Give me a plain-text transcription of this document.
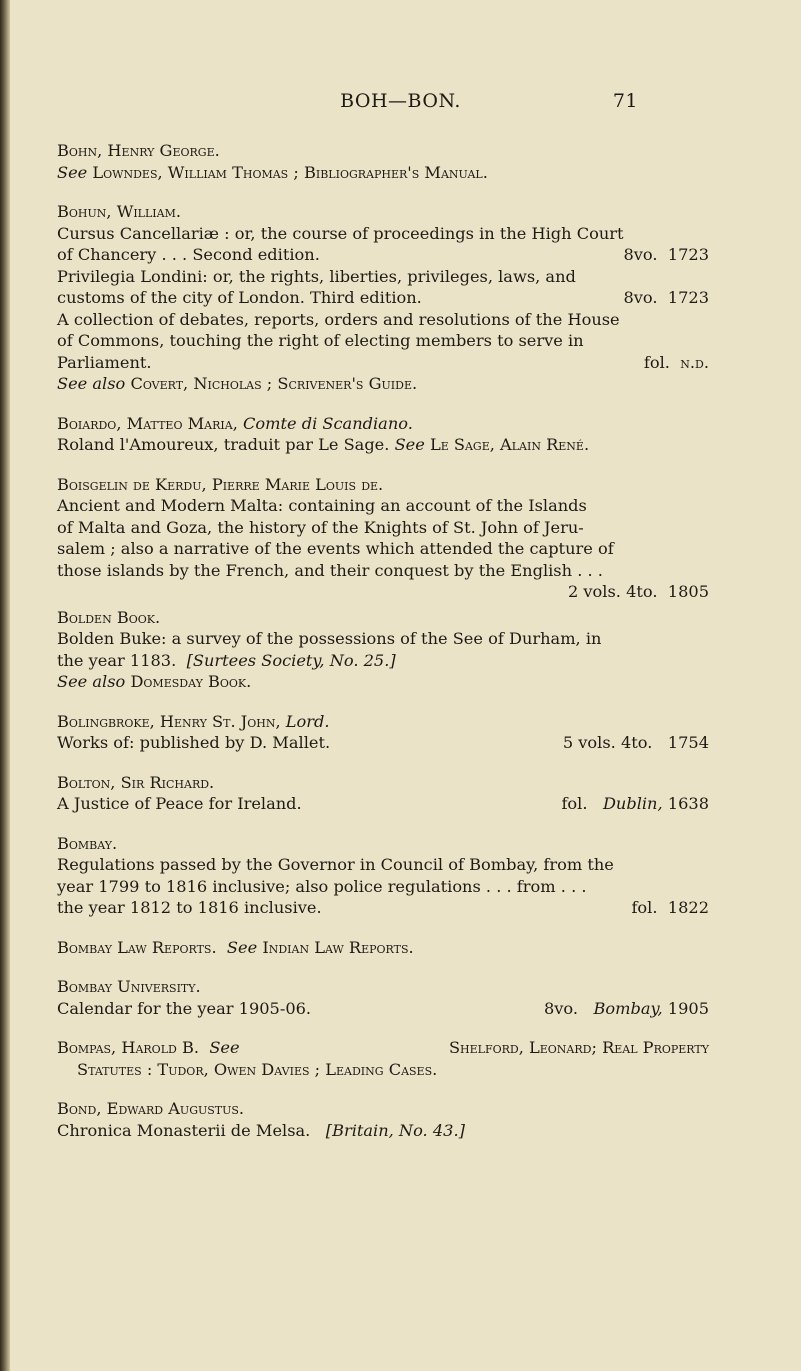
BOH—BON.	71
Bohn, Henry George.
See Lowndes, William Thomas ; Bibliographer's Manual.
Bohun, William.
Cursus Cancellariæ : or, the course of proceedings in the High Court
of Chancery . . . Second edition.	8vo. 1723
Privilegia Londini: or, the rights, liberties, privileges, laws, and
customs of the city of London. Third edition.	8vo. 1723
A collection of debates, reports, orders and resolutions of the House
of Commons, touching the right of electing members to serve in
Parliament.	fol. n.d.
See also Covert, Nicholas ; Scrivener's Guide.
Boiardo, Matteo Maria, Comte di Scandiano.
Roland l'Amoureux, traduit par Le Sage. See Le Sage, Alain René.
Boisgelin de Kerdu, Pierre Marie Louis de.
Ancient and Modern Malta: containing an account of the Islands
of Malta and Goza, the history of the Knights of St. John of Jeru-
salem ; also a narrative of the events which attended the capture of
those islands by the French, and their conquest by the English . . .
2 vols. 4to. 1805
Bolden Book.
Bolden Buke: a survey of the possessions of the See of Durham, in
the year 1183. [Surtees Society, No. 25.]
See also Domesday Book.
Bolingbroke, Henry St. John, Lord.
Works of: published by D. Mallet.	5 vols. 4to. 1754
Bolton, Sir Richard.
A Justice of Peace for Ireland.	fol. Dublin, 1638
Bombay.
Regulations passed by the Governor in Council of Bombay, from the
year 1799 to 1816 inclusive; also police regulations . . . from . . .
the year 1812 to 1816 inclusive.	fol. 1822
Bombay Law Reports. See Indian Law Reports.
Bombay University.
Calendar for the year 1905-06.	8vo. Bombay, 1905
Bompas, Harold B. See	Shelford, Leonard; Real Property
Statutes : Tudor, Owen Davies ; Leading Cases.
Bond, Edward Augustus.
Chronica Monasterii de Melsa. [Britain, No. 43.]
